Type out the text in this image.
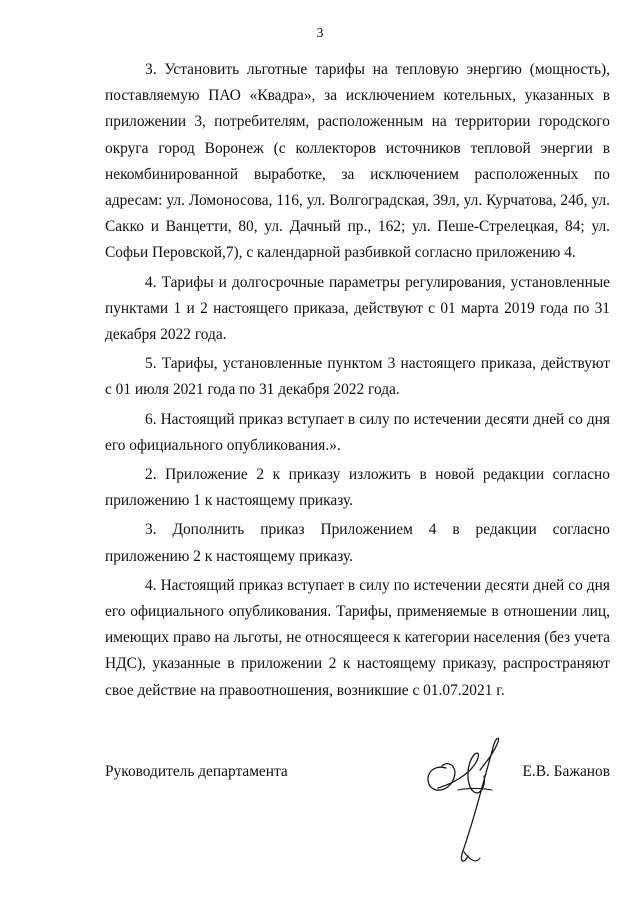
3

3. Установить льготные тарифы на тепловую энергию (мощность), поставляемую ПАО «Квадра», за исключением котельных, указанных в приложении 3, потребителям, расположенным на территории городского округа город Воронеж (с коллекторов источников тепловой энергии в некомбинированной выработке, за исключением расположенных по адресам: ул. Ломоносова, 116, ул. Волгоградская, 39л, ул. Курчатова, 24б, ул. Сакко и Ванцетти, 80, ул. Дачный пр., 162; ул. Пеше-Стрелецкая, 84; ул. Софьи Перовской,7), с календарной разбивкой согласно приложению 4.

4. Тарифы и долгосрочные параметры регулирования, установленные пунктами 1 и 2 настоящего приказа, действуют с 01 марта 2019 года по 31 декабря 2022 года.

5. Тарифы, установленные пунктом 3 настоящего приказа, действуют с 01 июля 2021 года по 31 декабря 2022 года.

6. Настоящий приказ вступает в силу по истечении десяти дней со дня его официального опубликования.».

2. Приложение 2 к приказу изложить в новой редакции согласно приложению 1 к настоящему приказу.

3. Дополнить приказ Приложением 4 в редакции согласно приложению 2 к настоящему приказу.

4. Настоящий приказ вступает в силу по истечении десяти дней со дня его официального опубликования. Тарифы, применяемые в отношении лиц, имеющих право на льготы, не относящееся к категории населения (без учета НДС), указанные в приложении 2 к настоящему приказу, распространяют свое действие на правоотношения, возникшие с 01.07.2021 г.

Руководитель департамента	Е.В. Бажанов
